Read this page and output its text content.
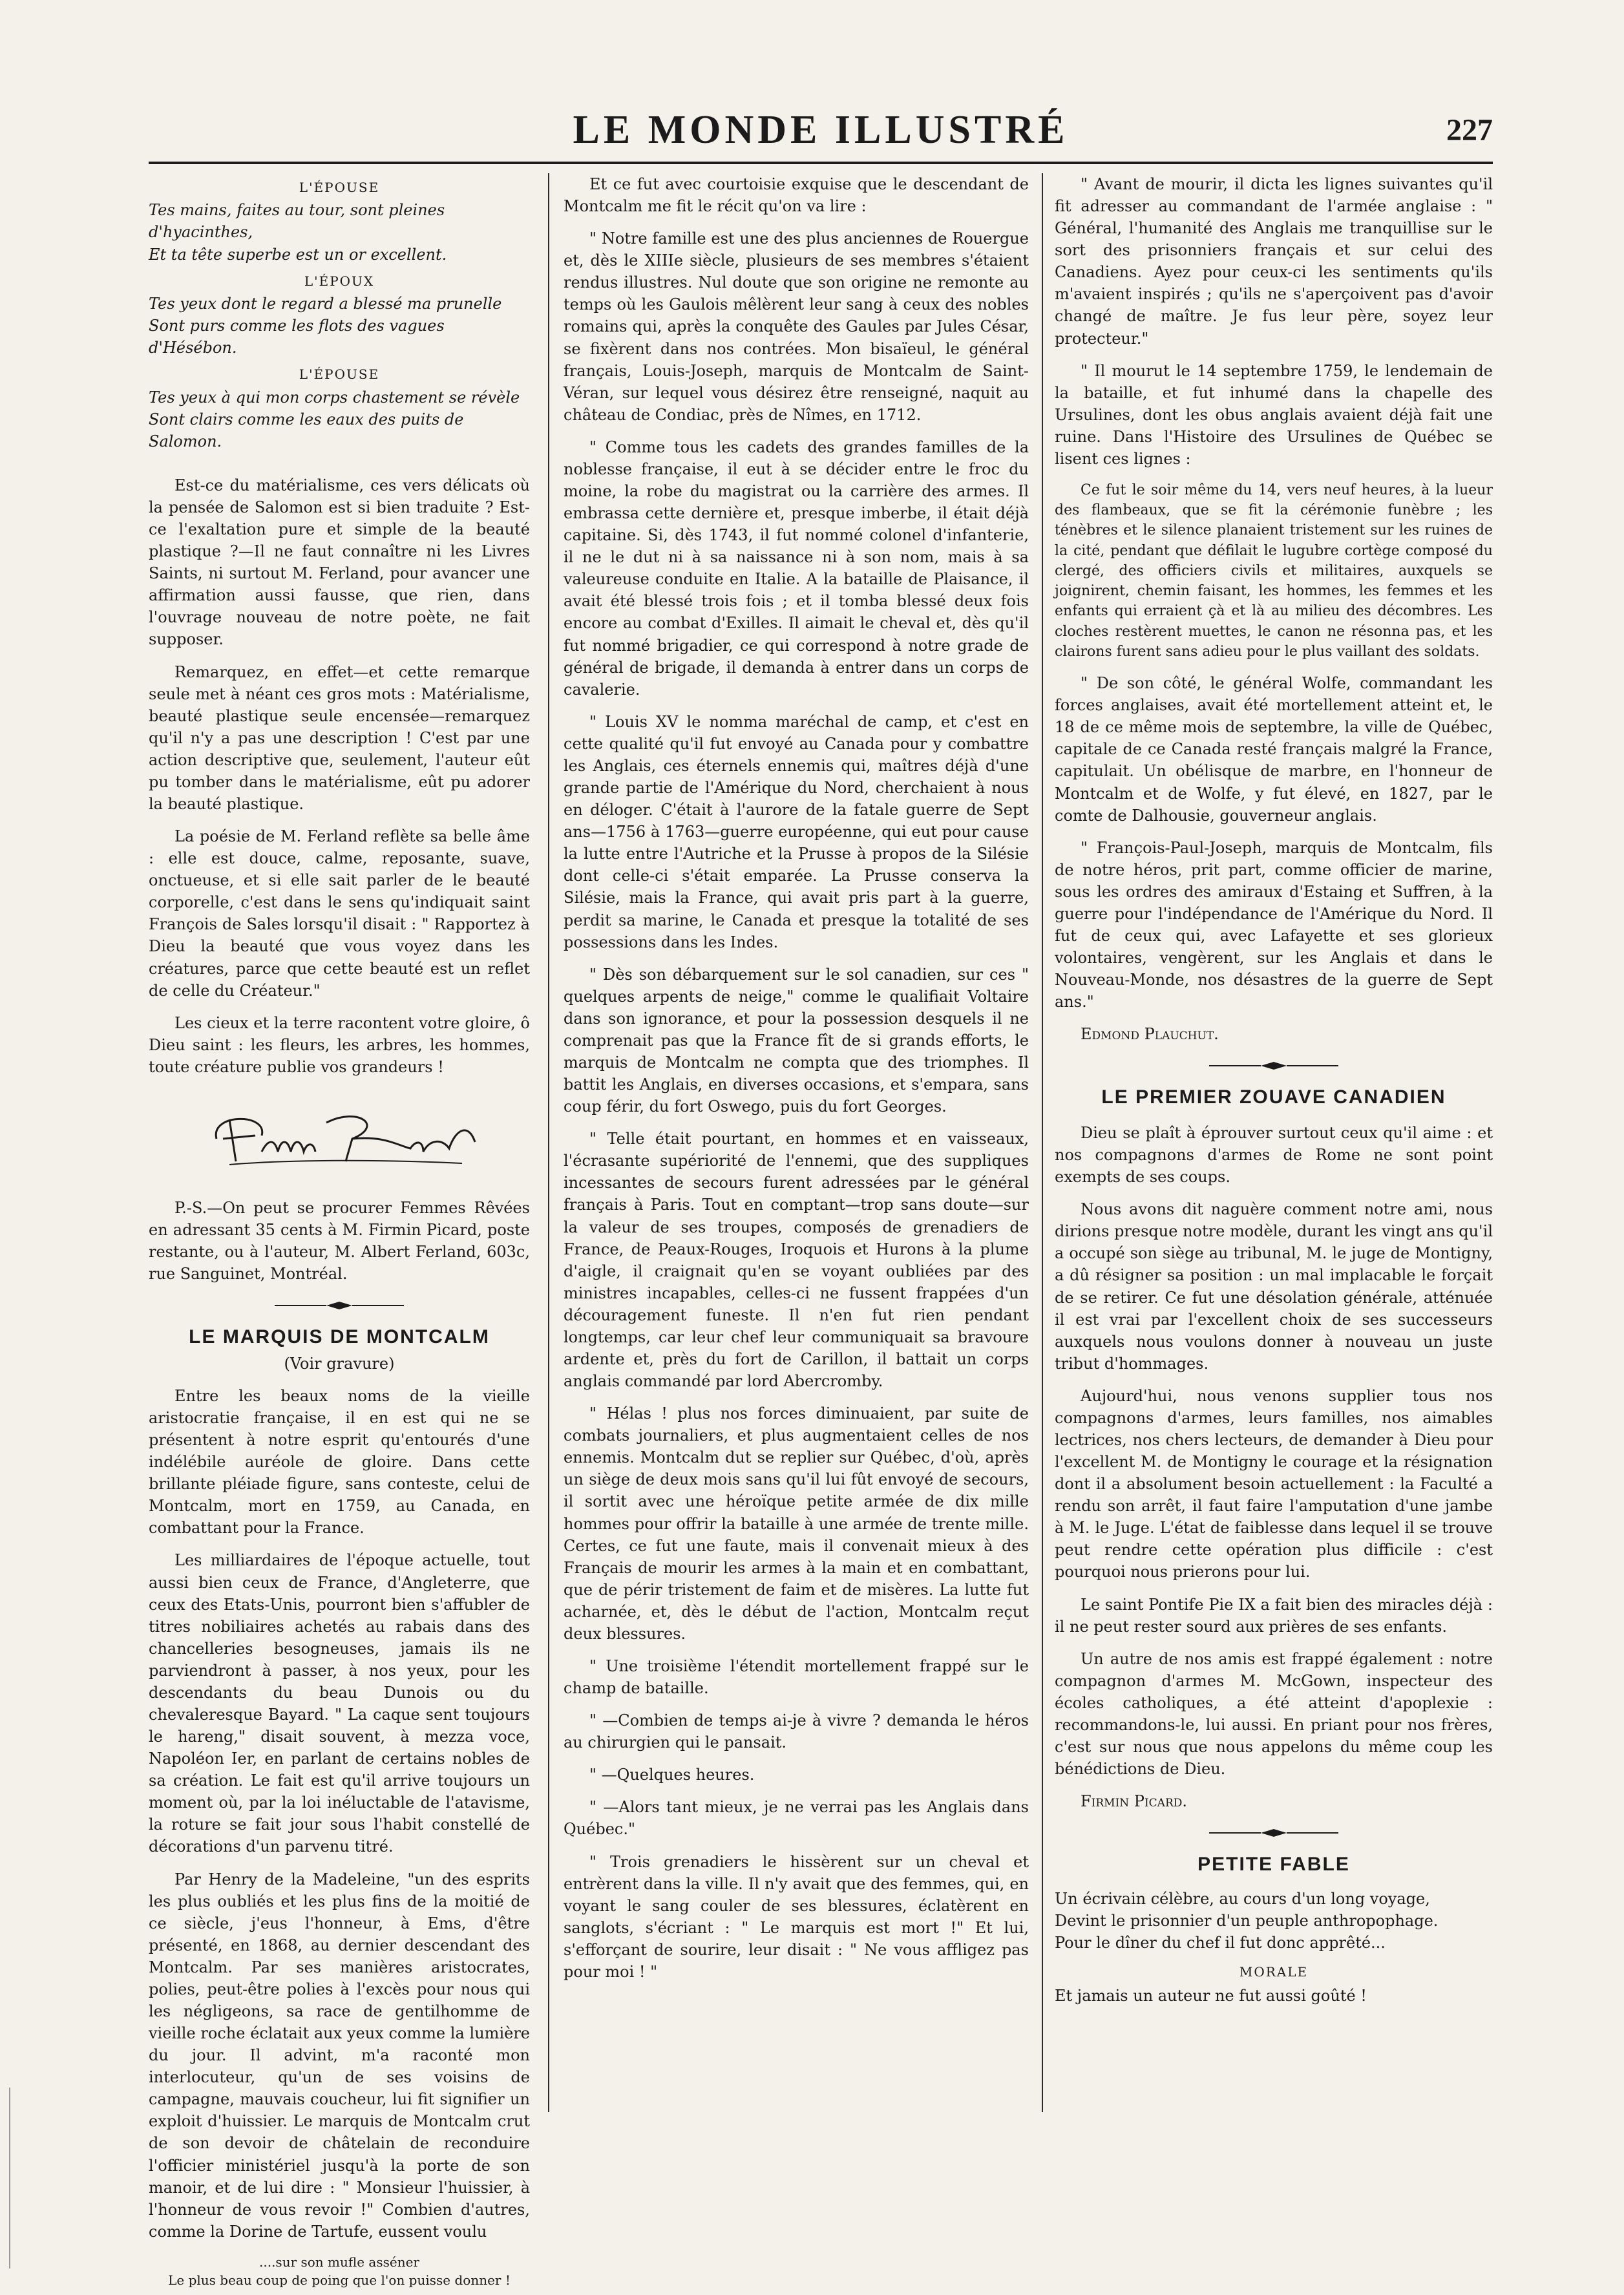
LE MONDE ILLUSTRÉ	227
L'ÉPOUSE
Tes mains, faites au tour, sont pleines d'hyacinthes,
Et ta tête superbe est un or excellent.
L'ÉPOUX
Tes yeux dont le regard a blessé ma prunelle
Sont purs comme les flots des vagues d'Hésébon.
L'ÉPOUSE
Tes yeux à qui mon corps chastement se révèle
Sont clairs comme les eaux des puits de Salomon.

Est-ce du matérialisme, ces vers délicats où la pensée de Salomon est si bien traduite ? Est-ce l'exaltation pure et simple de la beauté plastique ?—Il ne faut connaître ni les Livres Saints, ni surtout M. Ferland, pour avancer une affirmation aussi fausse, que rien, dans l'ouvrage nouveau de notre poète, ne fait supposer.

Remarquez, en effet—et cette remarque seule met à néant ces gros mots : Matérialisme, beauté plastique seule encensée—remarquez qu'il n'y a pas une description ! C'est par une action descriptive que, seulement, l'auteur eût pu tomber dans le matérialisme, eût pu adorer la beauté plastique.

La poésie de M. Ferland reflète sa belle âme : elle est douce, calme, reposante, suave, onctueuse, et si elle sait parler de le beauté corporelle, c'est dans le sens qu'indiquait saint François de Sales lorsqu'il disait : " Rapportez à Dieu la beauté que vous voyez dans les créatures, parce que cette beauté est un reflet de celle du Créateur."

Les cieux et la terre racontent votre gloire, ô Dieu saint : les fleurs, les arbres, les hommes, toute créature publie vos grandeurs !

P.-S.—On peut se procurer Femmes Rêvées en adressant 35 cents à M. Firmin Picard, poste restante, ou à l'auteur, M. Albert Ferland, 603c, rue Sanguinet, Montréal.

LE MARQUIS DE MONTCALM
(Voir gravure)

Entre les beaux noms de la vieille aristocratie française, il en est qui ne se présentent à notre esprit qu'entourés d'une indélébile auréole de gloire. Dans cette brillante pléiade figure, sans conteste, celui de Montcalm, mort en 1759, au Canada, en combattant pour la France.

Les milliardaires de l'époque actuelle, tout aussi bien ceux de France, d'Angleterre, que ceux des Etats-Unis, pourront bien s'affubler de titres nobiliaires achetés au rabais dans des chancelleries besogneuses, jamais ils ne parviendront à passer, à nos yeux, pour les descendants du beau Dunois ou du chevaleresque Bayard. " La caque sent toujours le hareng," disait souvent, à mezza voce, Napoléon Ier, en parlant de certains nobles de sa création. Le fait est qu'il arrive toujours un moment où, par la loi inéluctable de l'atavisme, la roture se fait jour sous l'habit constellé de décorations d'un parvenu titré.

Par Henry de la Madeleine, "un des esprits les plus oubliés et les plus fins de la moitié de ce siècle, j'eus l'honneur, à Ems, d'être présenté, en 1868, au dernier descendant des Montcalm. Par ses manières aristocrates, polies, peut-être polies à l'excès pour nous qui les négligeons, sa race de gentilhomme de vieille roche éclatait aux yeux comme la lumière du jour. Il advint, m'a raconté mon interlocuteur, qu'un de ses voisins de campagne, mauvais coucheur, lui fit signifier un exploit d'huissier. Le marquis de Montcalm crut de son devoir de châtelain de reconduire l'officier ministériel jusqu'à la porte de son manoir, et de lui dire : " Monsieur l'huissier, à l'honneur de vous revoir !" Combien d'autres, comme la Dorine de Tartufe, eussent voulu

....sur son mufle asséner
Le plus beau coup de poing que l'on puisse donner !

Et ce fut avec courtoisie exquise que le descendant de Montcalm me fit le récit qu'on va lire :

" Notre famille est une des plus anciennes de Rouergue et, dès le XIIIe siècle, plusieurs de ses membres s'étaient rendus illustres. Nul doute que son origine ne remonte au temps où les Gaulois mêlèrent leur sang à ceux des nobles romains qui, après la conquête des Gaules par Jules César, se fixèrent dans nos contrées. Mon bisaïeul, le général français, Louis-Joseph, marquis de Montcalm de Saint-Véran, sur lequel vous désirez être renseigné, naquit au château de Condiac, près de Nîmes, en 1712.

" Comme tous les cadets des grandes familles de la noblesse française, il eut à se décider entre le froc du moine, la robe du magistrat ou la carrière des armes. Il embrassa cette dernière et, presque imberbe, il était déjà capitaine. Si, dès 1743, il fut nommé colonel d'infanterie, il ne le dut ni à sa naissance ni à son nom, mais à sa valeureuse conduite en Italie. A la bataille de Plaisance, il avait été blessé trois fois ; et il tomba blessé deux fois encore au combat d'Exilles. Il aimait le cheval et, dès qu'il fut nommé brigadier, ce qui correspond à notre grade de général de brigade, il demanda à entrer dans un corps de cavalerie.

" Louis XV le nomma maréchal de camp, et c'est en cette qualité qu'il fut envoyé au Canada pour y combattre les Anglais, ces éternels ennemis qui, maîtres déjà d'une grande partie de l'Amérique du Nord, cherchaient à nous en déloger. C'était à l'aurore de la fatale guerre de Sept ans—1756 à 1763—guerre européenne, qui eut pour cause la lutte entre l'Autriche et la Prusse à propos de la Silésie dont celle-ci s'était emparée. La Prusse conserva la Silésie, mais la France, qui avait pris part à la guerre, perdit sa marine, le Canada et presque la totalité de ses possessions dans les Indes.

" Dès son débarquement sur le sol canadien, sur ces " quelques arpents de neige," comme le qualifiait Voltaire dans son ignorance, et pour la possession desquels il ne comprenait pas que la France fît de si grands efforts, le marquis de Montcalm ne compta que des triomphes. Il battit les Anglais, en diverses occasions, et s'empara, sans coup férir, du fort Oswego, puis du fort Georges.

" Telle était pourtant, en hommes et en vaisseaux, l'écrasante supériorité de l'ennemi, que des suppliques incessantes de secours furent adressées par le général français à Paris. Tout en comptant—trop sans doute—sur la valeur de ses troupes, composés de grenadiers de France, de Peaux-Rouges, Iroquois et Hurons à la plume d'aigle, il craignait qu'en se voyant oubliées par des ministres incapables, celles-ci ne fussent frappées d'un découragement funeste. Il n'en fut rien pendant longtemps, car leur chef leur communiquait sa bravoure ardente et, près du fort de Carillon, il battait un corps anglais commandé par lord Abercromby.

" Hélas ! plus nos forces diminuaient, par suite de combats journaliers, et plus augmentaient celles de nos ennemis. Montcalm dut se replier sur Québec, d'où, après un siège de deux mois sans qu'il lui fût envoyé de secours, il sortit avec une héroïque petite armée de dix mille hommes pour offrir la bataille à une armée de trente mille. Certes, ce fut une faute, mais il convenait mieux à des Français de mourir les armes à la main et en combattant, que de périr tristement de faim et de misères. La lutte fut acharnée, et, dès le début de l'action, Montcalm reçut deux blessures.

" Une troisième l'étendit mortellement frappé sur le champ de bataille.

" —Combien de temps ai-je à vivre ? demanda le héros au chirurgien qui le pansait.

" —Quelques heures.

" —Alors tant mieux, je ne verrai pas les Anglais dans Québec."

" Trois grenadiers le hissèrent sur un cheval et entrèrent dans la ville. Il n'y avait que des femmes, qui, en voyant le sang couler de ses blessures, éclatèrent en sanglots, s'écriant : " Le marquis est mort !" Et lui, s'efforçant de sourire, leur disait : " Ne vous affligez pas pour moi ! "

" Avant de mourir, il dicta les lignes suivantes qu'il fit adresser au commandant de l'armée anglaise : " Général, l'humanité des Anglais me tranquillise sur le sort des prisonniers français et sur celui des Canadiens. Ayez pour ceux-ci les sentiments qu'ils m'avaient inspirés ; qu'ils ne s'aperçoivent pas d'avoir changé de maître. Je fus leur père, soyez leur protecteur."

" Il mourut le 14 septembre 1759, le lendemain de la bataille, et fut inhumé dans la chapelle des Ursulines, dont les obus anglais avaient déjà fait une ruine. Dans l'Histoire des Ursulines de Québec se lisent ces lignes :

Ce fut le soir même du 14, vers neuf heures, à la lueur des flambeaux, que se fit la cérémonie funèbre ; les ténèbres et le silence planaient tristement sur les ruines de la cité, pendant que défilait le lugubre cortège composé du clergé, des officiers civils et militaires, auxquels se joignirent, chemin faisant, les hommes, les femmes et les enfants qui erraient çà et là au milieu des décombres. Les cloches restèrent muettes, le canon ne résonna pas, et les clairons furent sans adieu pour le plus vaillant des soldats.

" De son côté, le général Wolfe, commandant les forces anglaises, avait été mortellement atteint et, le 18 de ce même mois de septembre, la ville de Québec, capitale de ce Canada resté français malgré la France, capitulait. Un obélisque de marbre, en l'honneur de Montcalm et de Wolfe, y fut élevé, en 1827, par le comte de Dalhousie, gouverneur anglais.

" François-Paul-Joseph, marquis de Montcalm, fils de notre héros, prit part, comme officier de marine, sous les ordres des amiraux d'Estaing et Suffren, à la guerre pour l'indépendance de l'Amérique du Nord. Il fut de ceux qui, avec Lafayette et ses glorieux volontaires, vengèrent, sur les Anglais et dans le Nouveau-Monde, nos désastres de la guerre de Sept ans."

Edmond Plauchut.

LE PREMIER ZOUAVE CANADIEN

Dieu se plaît à éprouver surtout ceux qu'il aime : et nos compagnons d'armes de Rome ne sont point exempts de ses coups.

Nous avons dit naguère comment notre ami, nous dirions presque notre modèle, durant les vingt ans qu'il a occupé son siège au tribunal, M. le juge de Montigny, a dû résigner sa position : un mal implacable le forçait de se retirer. Ce fut une désolation générale, atténuée il est vrai par l'excellent choix de ses successeurs auxquels nous voulons donner à nouveau un juste tribut d'hommages.

Aujourd'hui, nous venons supplier tous nos compagnons d'armes, leurs familles, nos aimables lectrices, nos chers lecteurs, de demander à Dieu pour l'excellent M. de Montigny le courage et la résignation dont il a absolument besoin actuellement : la Faculté a rendu son arrêt, il faut faire l'amputation d'une jambe à M. le Juge. L'état de faiblesse dans lequel il se trouve peut rendre cette opération plus difficile : c'est pourquoi nous prierons pour lui.

Le saint Pontife Pie IX a fait bien des miracles déjà : il ne peut rester sourd aux prières de ses enfants.

Un autre de nos amis est frappé également : notre compagnon d'armes M. McGown, inspecteur des écoles catholiques, a été atteint d'apoplexie : recommandons-le, lui aussi. En priant pour nos frères, c'est sur nous que nous appelons du même coup les bénédictions de Dieu.

Firmin Picard.

PETITE FABLE
Un écrivain célèbre, au cours d'un long voyage,
Devint le prisonnier d'un peuple anthropophage.
Pour le dîner du chef il fut donc apprêté...
MORALE
Et jamais un auteur ne fut aussi goûté !
